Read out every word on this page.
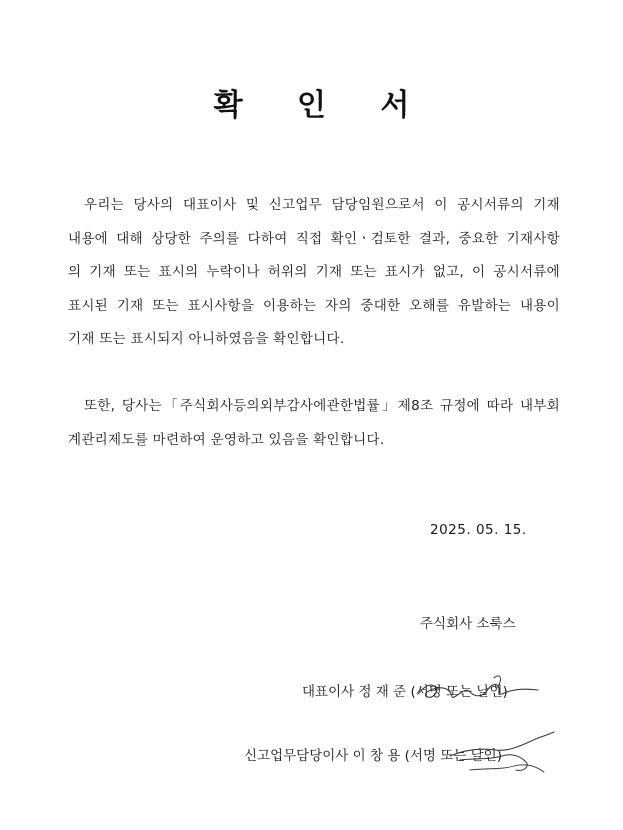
확 인 서
우리는 당사의 대표이사 및 신고업무 담당임원으로서 이 공시서류의 기재
내용에 대해 상당한 주의를 다하여 직접 확인ㆍ검토한 결과, 중요한 기재사항
의 기재 또는 표시의 누락이나 허위의 기재 또는 표시가 없고, 이 공시서류에
표시된 기재 또는 표시사항을 이용하는 자의 중대한 오해를 유발하는 내용이
기재 또는 표시되지 아니하였음을 확인합니다.
또한, 당사는「주식회사등의외부감사에관한법률」제8조 규정에 따라 내부회
계관리제도를 마련하여 운영하고 있음을 확인합니다.
2025. 05. 15.
주식회사 소룩스
대표이사 정 재 준 (서명 또는 날인)
신고업무담당이사 이 창 용 (서명 또는 날인)
